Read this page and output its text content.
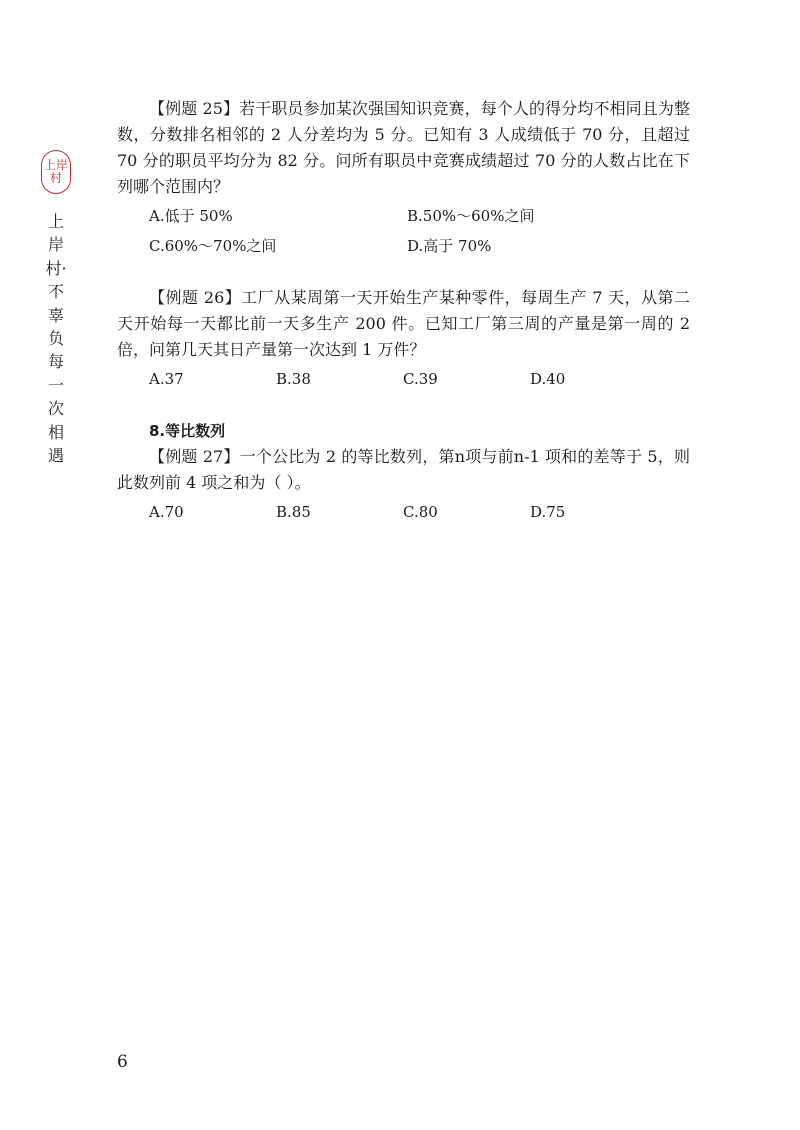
上岸村
上岸村·不辜负每一次相遇

【例题 25】若干职员参加某次强国知识竞赛，每个人的得分均不相同且为整数，分数排名相邻的 2 人分差均为 5 分。已知有 3 人成绩低于 70 分，且超过 70 分的职员平均分为 82 分。问所有职员中竞赛成绩超过 70 分的人数占比在下列哪个范围内？

A.低于 50%	B.50%～60%之间
C.60%～70%之间	D.高于 70%

【例题 26】工厂从某周第一天开始生产某种零件，每周生产 7 天，从第二天开始每一天都比前一天多生产 200 件。已知工厂第三周的产量是第一周的 2 倍，问第几天其日产量第一次达到 1 万件？

A.37	B.38	C.39	D.40

8.等比数列

【例题 27】一个公比为 2 的等比数列，第n项与前n-1 项和的差等于 5，则此数列前 4 项之和为（ ）。

A.70	B.85	C.80	D.75
6
